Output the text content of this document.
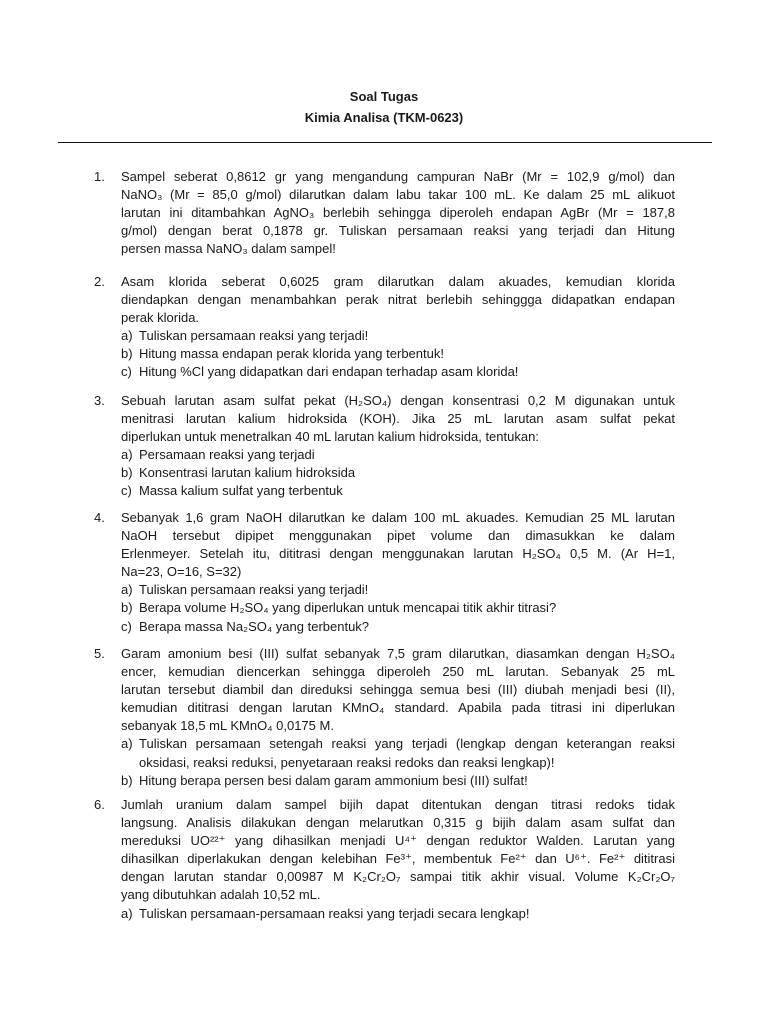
Soal Tugas
Kimia Analisa (TKM-0623)
1. Sampel seberat 0,8612 gr yang mengandung campuran NaBr (Mr = 102,9 g/mol) dan
NaNO₃ (Mr = 85,0 g/mol) dilarutkan dalam labu takar 100 mL. Ke dalam 25 mL alikuot
larutan ini ditambahkan AgNO₃ berlebih sehingga diperoleh endapan AgBr (Mr = 187,8
g/mol) dengan berat 0,1878 gr. Tuliskan persamaan reaksi yang terjadi dan Hitung
persen massa NaNO₃ dalam sampel!
2. Asam klorida seberat 0,6025 gram dilarutkan dalam akuades, kemudian klorida
diendapkan dengan menambahkan perak nitrat berlebih sehinggga didapatkan endapan
perak klorida.
a) Tuliskan persamaan reaksi yang terjadi!
b) Hitung massa endapan perak klorida yang terbentuk!
c) Hitung %Cl yang didapatkan dari endapan terhadap asam klorida!
3. Sebuah larutan asam sulfat pekat (H₂SO₄) dengan konsentrasi 0,2 M digunakan untuk
menitrasi larutan kalium hidroksida (KOH). Jika 25 mL larutan asam sulfat pekat
diperlukan untuk menetralkan 40 mL larutan kalium hidroksida, tentukan:
a) Persamaan reaksi yang terjadi
b) Konsentrasi larutan kalium hidroksida
c) Massa kalium sulfat yang terbentuk
4. Sebanyak 1,6 gram NaOH dilarutkan ke dalam 100 mL akuades. Kemudian 25 ML larutan
NaOH tersebut dipipet menggunakan pipet volume dan dimasukkan ke dalam
Erlenmeyer. Setelah itu, dititrasi dengan menggunakan larutan H₂SO₄ 0,5 M. (Ar H=1,
Na=23, O=16, S=32)
a) Tuliskan persamaan reaksi yang terjadi!
b) Berapa volume H₂SO₄ yang diperlukan untuk mencapai titik akhir titrasi?
c) Berapa massa Na₂SO₄ yang terbentuk?
5. Garam amonium besi (III) sulfat sebanyak 7,5 gram dilarutkan, diasamkan dengan H₂SO₄
encer, kemudian diencerkan sehingga diperoleh 250 mL larutan. Sebanyak 25 mL
larutan tersebut diambil dan direduksi sehingga semua besi (III) diubah menjadi besi (II),
kemudian dititrasi dengan larutan KMnO₄ standard. Apabila pada titrasi ini diperlukan
sebanyak 18,5 mL KMnO₄ 0,0175 M.
a) Tuliskan persamaan setengah reaksi yang terjadi (lengkap dengan keterangan reaksi
oksidasi, reaksi reduksi, penyetaraan reaksi redoks dan reaksi lengkap)!
b) Hitung berapa persen besi dalam garam ammonium besi (III) sulfat!
6. Jumlah uranium dalam sampel bijih dapat ditentukan dengan titrasi redoks tidak
langsung. Analisis dilakukan dengan melarutkan 0,315 g bijih dalam asam sulfat dan
mereduksi UO²²⁺ yang dihasilkan menjadi U⁴⁺ dengan reduktor Walden. Larutan yang
dihasilkan diperlakukan dengan kelebihan Fe³⁺, membentuk Fe²⁺ dan U⁶⁺. Fe²⁺ dititrasi
dengan larutan standar 0,00987 M K₂Cr₂O₇ sampai titik akhir visual. Volume K₂Cr₂O₇
yang dibutuhkan adalah 10,52 mL.
a) Tuliskan persamaan-persamaan reaksi yang terjadi secara lengkap!
